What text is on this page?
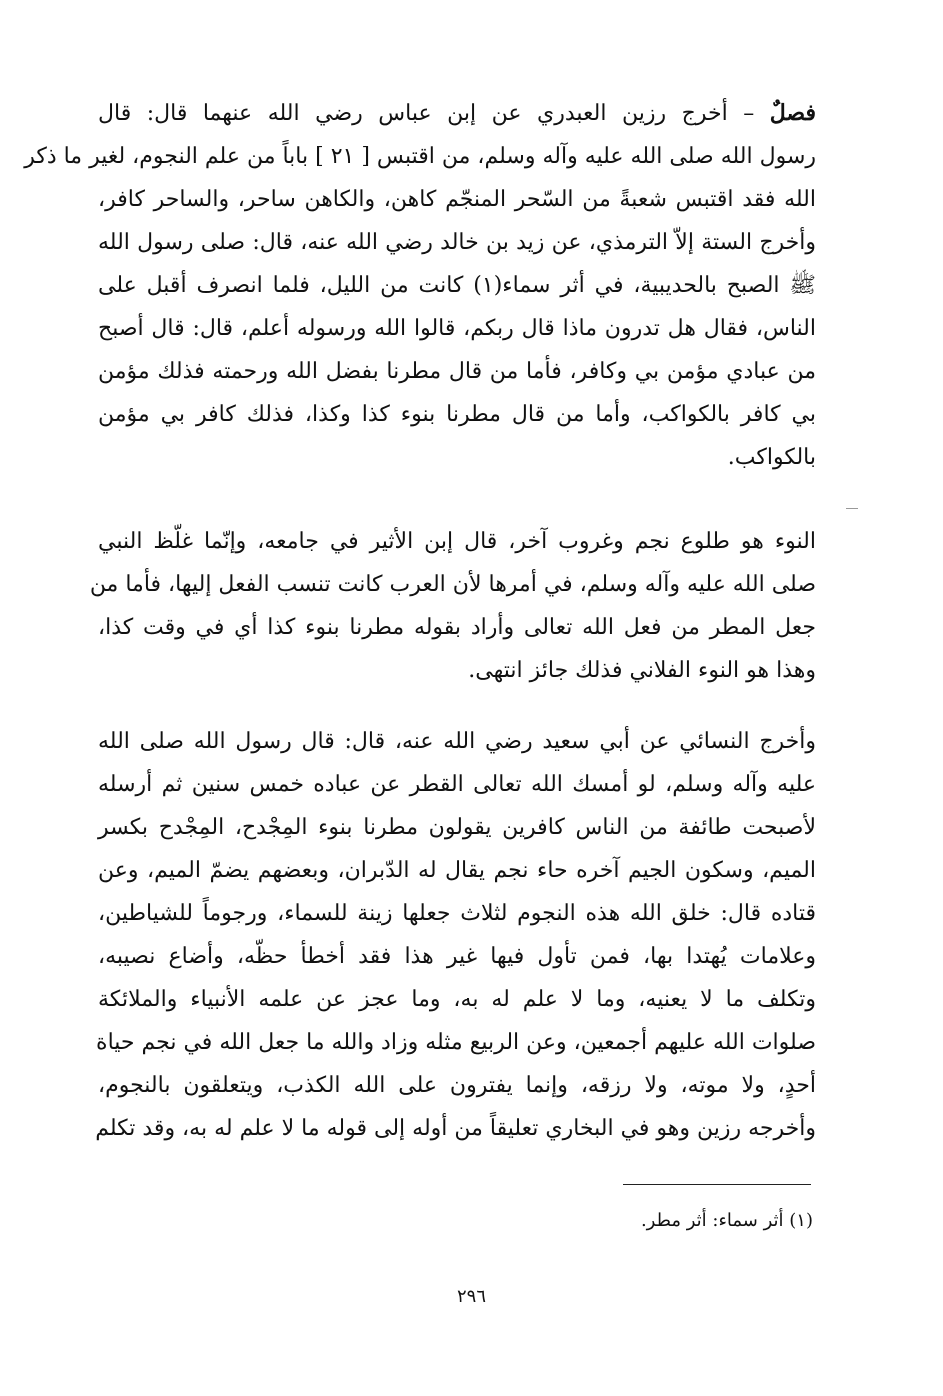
فصلٌ – أخرج رزين العبدري عن إبن عباس رضي الله عنهما قال: قال
رسول الله صلى الله عليه وآله وسلم، من اقتبس [ ٢١ ] باباً من علم النجوم، لغير ما ذكر
الله فقد اقتبس شعبةً من السّحر المنجّم كاهن، والكاهن ساحر، والساحر كافر،
وأخرج الستة إلاّ الترمذي، عن زيد بن خالد رضي الله عنه، قال: صلى رسول الله
ﷺ الصبح بالحديبية، في أثر سماء(١) كانت من الليل، فلما انصرف أقبل على
الناس، فقال هل تدرون ماذا قال ربكم، قالوا الله ورسوله أعلم، قال: قال أصبح
من عبادي مؤمن بي وكافر، فأما من قال مطرنا بفضل الله ورحمته فذلك مؤمن
بي كافر بالكواكب، وأما من قال مطرنا بنوء كذا وكذا، فذلك كافر بي مؤمن
بالكواكب.
النوء هو طلوع نجم وغروب آخر، قال إبن الأثير في جامعه، وإنّما غلّظ النبي
صلى الله عليه وآله وسلم، في أمرها لأن العرب كانت تنسب الفعل إليها، فأما من
جعل المطر من فعل الله تعالى وأراد بقوله مطرنا بنوء كذا أي في وقت كذا،
وهذا هو النوء الفلاني فذلك جائز انتهى.
وأخرج النسائي عن أبي سعيد رضي الله عنه، قال: قال رسول الله صلى الله
عليه وآله وسلم، لو أمسك الله تعالى القطر عن عباده خمس سنين ثم أرسله
لأصبحت طائفة من الناس كافرين يقولون مطرنا بنوء المِجْدح، المِجْدح بكسر
الميم، وسكون الجيم آخره حاء نجم يقال له الدّبران، وبعضهم يضمّ الميم، وعن
قتاده قال: خلق الله هذه النجوم لثلاث جعلها زينة للسماء، ورجوماً للشياطين،
وعلامات يُهتدا بها، فمن تأول فيها غير هذا فقد أخطأ حظّه، وأضاع نصيبه،
وتكلف ما لا يعنيه، وما لا علم له به، وما عجز عن علمه الأنبياء والملائكة
صلوات الله عليهم أجمعين، وعن الربيع مثله وزاد والله ما جعل الله في نجم حياة
أحدٍ، ولا موته، ولا رزقه، وإنما يفترون على الله الكذب، ويتعلقون بالنجوم،
وأخرجه رزين وهو في البخاري تعليقاً من أوله إلى قوله ما لا علم له به، وقد تكلم
(١) أثر سماء: أثر مطر.
٢٩٦
